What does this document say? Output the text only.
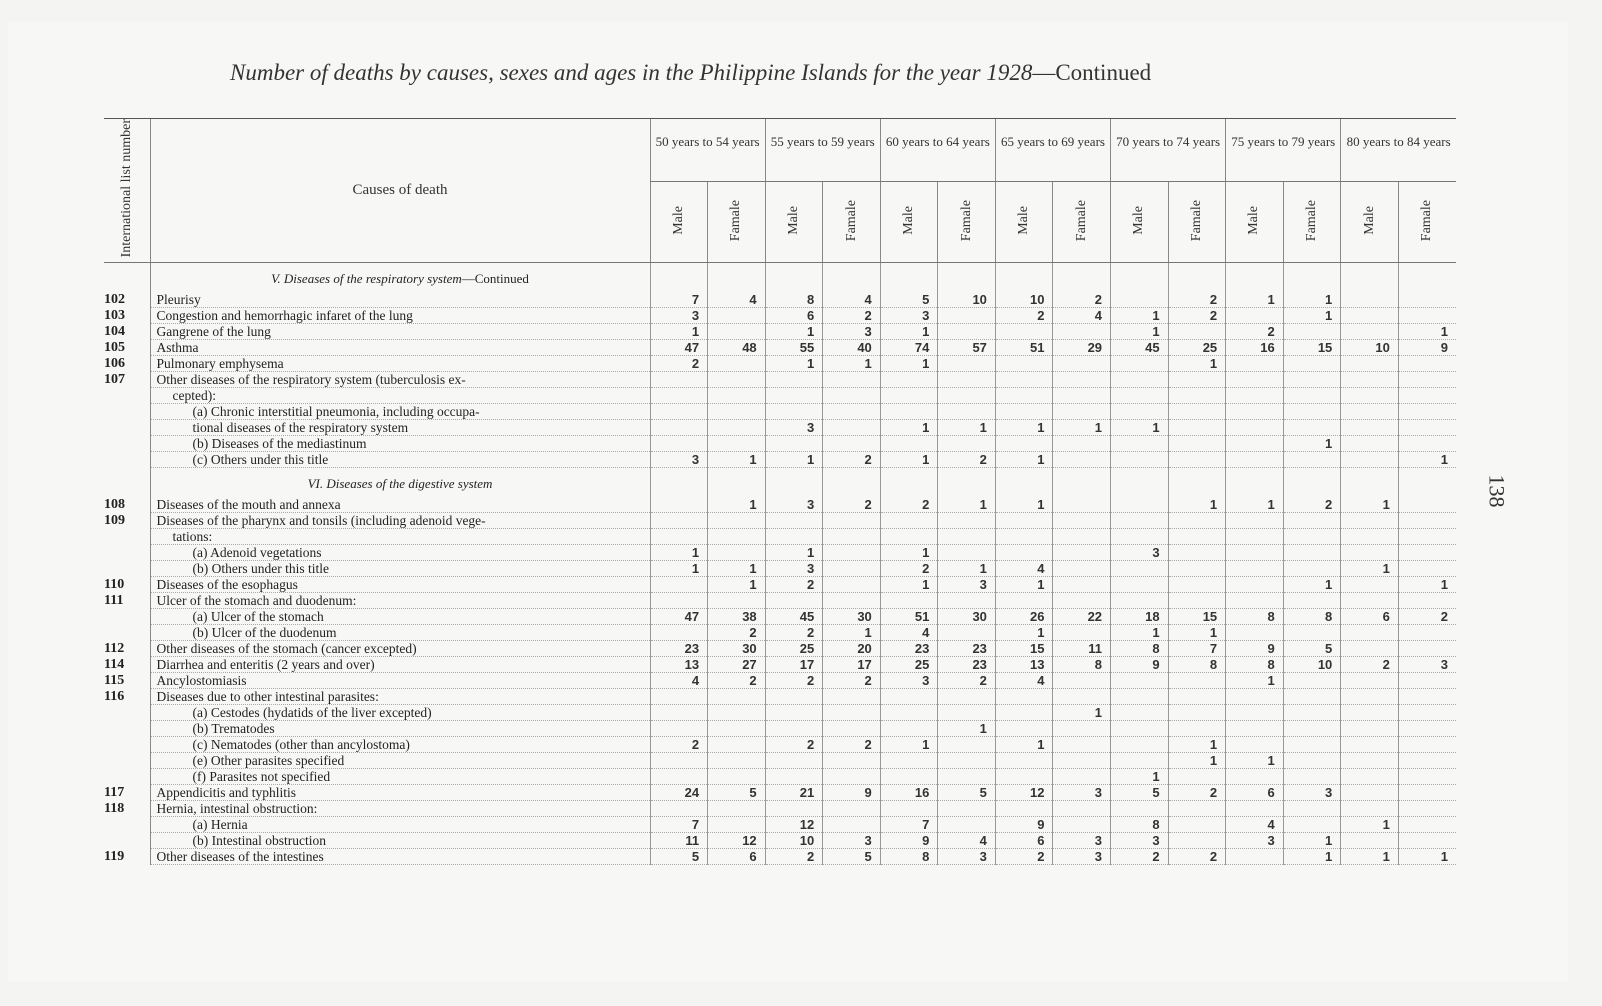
Number of deaths by causes, sexes and ages in the Philippine Islands for the year 1928—Continued
138
International list number	Causes of death	50 years to 54 years		55 years to 59 years		60 years to 64 years		65 years to 69 years		70 years to 74 years		75 years to 79 years		80 years to 84 years	
		Male	Famale	Male	Famale	Male	Famale	Male	Famale	Male	Famale	Male	Famale	Male	Famale
	V. Diseases of the respiratory system—Continued														
102	Pleurisy	7	4	8	4	5	10	10	2		2	1	1		
103	Congestion and hemorrhagic infaret of the lung	3		6	2	3		2	4	1	2		1		
104	Gangrene of the lung	1		1	3	1				1		2			1
105	Asthma	47	48	55	40	74	57	51	29	45	25	16	15	10	9
106	Pulmonary emphysema	2		1	1	1					1				
107	Other diseases of the respiratory system (tuberculosis ex-														
	cepted):														
	(a) Chronic interstitial pneumonia, including occupa-														
	tional diseases of the respiratory system			3		1	1	1	1	1					
	(b) Diseases of the mediastinum												1		
	(c) Others under this title	3	1	1	2	1	2	1							1
	VI. Diseases of the digestive system														
108	Diseases of the mouth and annexa		1	3	2	2	1	1			1	1	2	1	
109	Diseases of the pharynx and tonsils (including adenoid vege-														
	tations:														
	(a) Adenoid vegetations	1		1		1				3					
	(b) Others under this title	1	1	3		2	1	4						1	
110	Diseases of the esophagus		1	2		1	3	1					1		1
111	Ulcer of the stomach and duodenum:														
	(a) Ulcer of the stomach	47	38	45	30	51	30	26	22	18	15	8	8	6	2
	(b) Ulcer of the duodenum		2	2	1	4		1		1	1				
112	Other diseases of the stomach (cancer excepted)	23	30	25	20	23	23	15	11	8	7	9	5		
114	Diarrhea and enteritis (2 years and over)	13	27	17	17	25	23	13	8	9	8	8	10	2	3
115	Ancylostomiasis	4	2	2	2	3	2	4				1			
116	Diseases due to other intestinal parasites:														
	(a) Cestodes (hydatids of the liver excepted)								1						
	(b) Trematodes						1								
	(c) Nematodes (other than ancylostoma)	2		2	2	1		1			1				
	(e) Other parasites specified										1	1			
	(f) Parasites not specified									1					
117	Appendicitis and typhlitis	24	5	21	9	16	5	12	3	5	2	6	3		
118	Hernia, intestinal obstruction:														
	(a) Hernia	7		12		7		9		8		4		1	
	(b) Intestinal obstruction	11	12	10	3	9	4	6	3	3		3	1		
119	Other diseases of the intestines	5	6	2	5	8	3	2	3	2	2		1	1	1
